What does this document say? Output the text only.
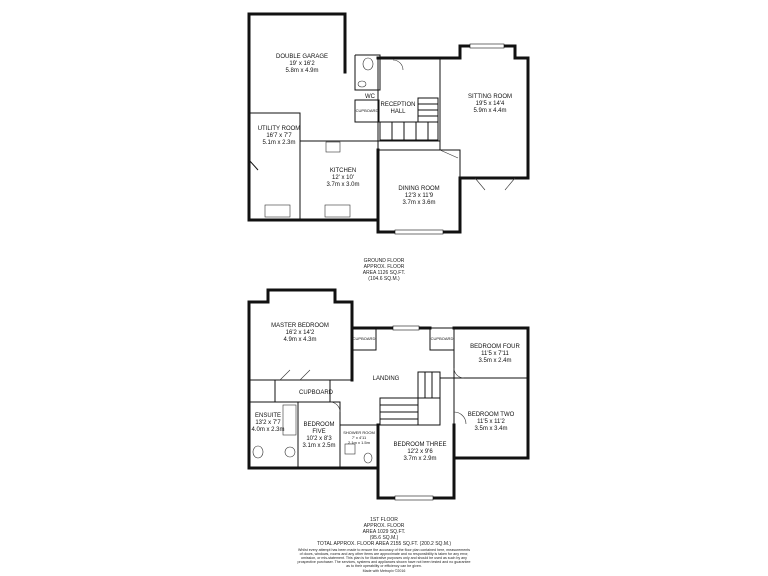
DOUBLE GARAGE
19' x 16'2
5.8m x 4.9m
UTILITY ROOM
16'7 x 7'7
5.1m x 2.3m
KITCHEN
12' x 10'
3.7m x 3.0m
WC
CUPBOARD
RECEPTION
HALL
SITTING ROOM
19'5 x 14'4
5.9m x 4.4m
DINING ROOM
12'3 x 11'9
3.7m x 3.6m
GROUND FLOOR
APPROX. FLOOR
AREA 1126 SQ.FT.
(104.6 SQ.M.)
MASTER BEDROOM
16'2 x 14'2
4.9m x 4.3m
CUPBOARD
ENSUITE
13'2 x 7'7
4.0m x 2.3m
BEDROOM
FIVE
10'2 x 8'3
3.1m x 2.5m
SHOWER ROOM
7' x 4'11
2.1m x 1.5m
CUPBOARD
LANDING
CUPBOARD
BEDROOM FOUR
11'5 x 7'11
3.5m x 2.4m
BEDROOM TWO
11'5 x 11'2
3.5m x 3.4m
BEDROOM THREE
12'2 x 9'6
3.7m x 2.9m
1ST FLOOR
APPROX. FLOOR
AREA 1029 SQ.FT.
(95.6 SQ.M.)
TOTAL APPROX. FLOOR AREA 2155 SQ.FT. (200.2 SQ.M.)
Whilst every attempt has been made to ensure the accuracy of the floor plan contained here, measurements
of doors, windows, rooms and any other items are approximate and no responsibility is taken for any error,
omission, or mis-statement. This plan is for illustrative purposes only and should be used as such by any
prospective purchaser. The services, systems and appliances shown have not been tested and no guarantee
as to their operability or efficiency can be given.
Made with Metropix ©2016
